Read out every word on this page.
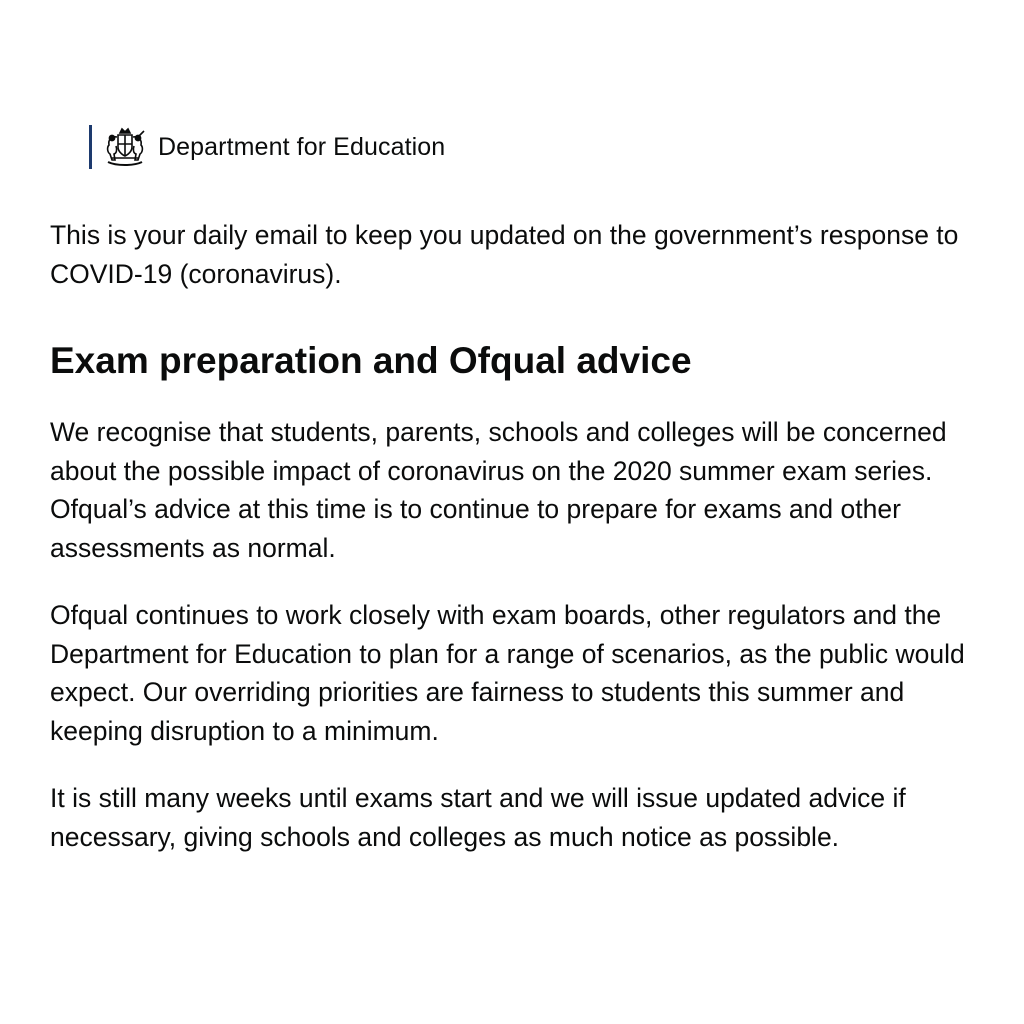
Department for Education

This is your daily email to keep you updated on the government’s response to COVID-19 (coronavirus).

Exam preparation and Ofqual advice

We recognise that students, parents, schools and colleges will be concerned about the possible impact of coronavirus on the 2020 summer exam series. Ofqual’s advice at this time is to continue to prepare for exams and other assessments as normal.

Ofqual continues to work closely with exam boards, other regulators and the Department for Education to plan for a range of scenarios, as the public would expect. Our overriding priorities are fairness to students this summer and keeping disruption to a minimum.

It is still many weeks until exams start and we will issue updated advice if necessary, giving schools and colleges as much notice as possible.
